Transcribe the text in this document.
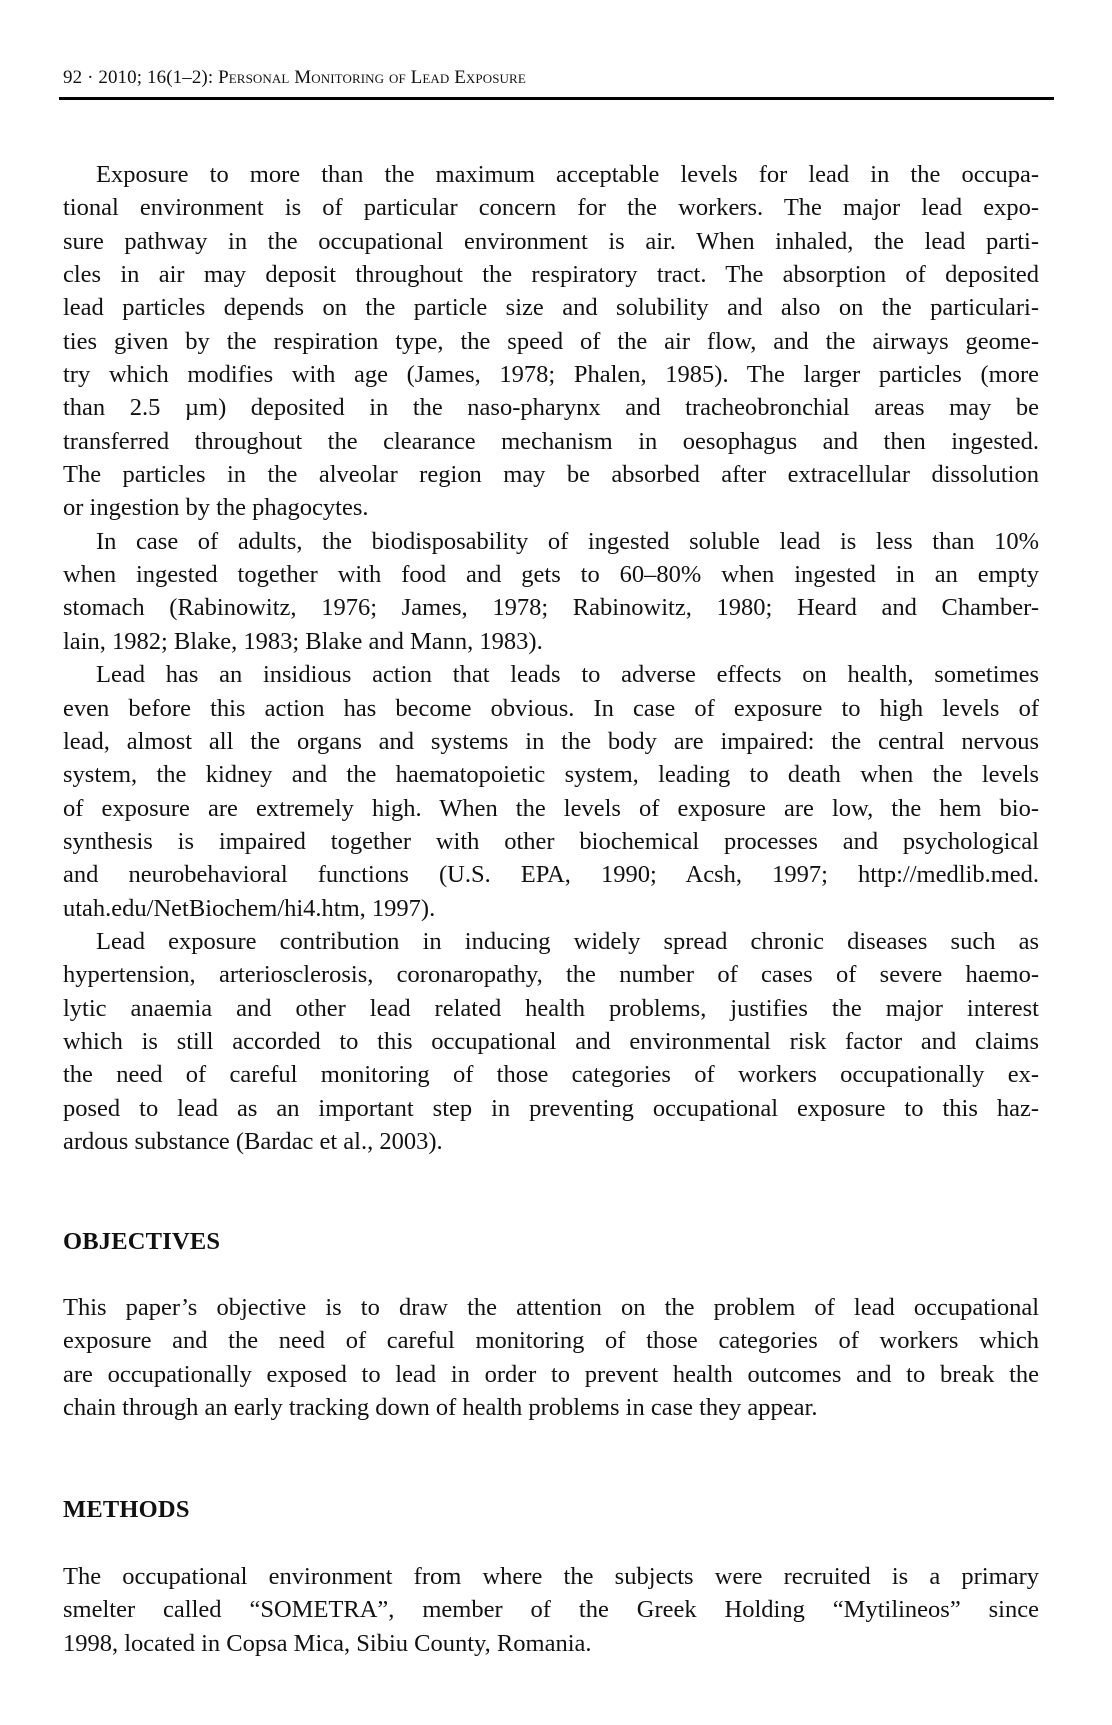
92 · 2010; 16(1–2): Personal Monitoring of Lead Exposure
Exposure to more than the maximum acceptable levels for lead in the occupa-
tional environment is of particular concern for the workers. The major lead expo-
sure pathway in the occupational environment is air. When inhaled, the lead parti-
cles in air may deposit throughout the respiratory tract. The absorption of deposited
lead particles depends on the particle size and solubility and also on the particulari-
ties given by the respiration type, the speed of the air flow, and the airways geome-
try which modifies with age (James, 1978; Phalen, 1985). The larger particles (more
than 2.5 µm) deposited in the naso-pharynx and tracheobronchial areas may be
transferred throughout the clearance mechanism in oesophagus and then ingested.
The particles in the alveolar region may be absorbed after extracellular dissolution
or ingestion by the phagocytes.
In case of adults, the biodisposability of ingested soluble lead is less than 10%
when ingested together with food and gets to 60–80% when ingested in an empty
stomach (Rabinowitz, 1976; James, 1978; Rabinowitz, 1980; Heard and Chamber-
lain, 1982; Blake, 1983; Blake and Mann, 1983).
Lead has an insidious action that leads to adverse effects on health, sometimes
even before this action has become obvious. In case of exposure to high levels of
lead, almost all the organs and systems in the body are impaired: the central nervous
system, the kidney and the haematopoietic system, leading to death when the levels
of exposure are extremely high. When the levels of exposure are low, the hem bio-
synthesis is impaired together with other biochemical processes and psychological
and neurobehavioral functions (U.S. EPA, 1990; Acsh, 1997; http://medlib.med.
utah.edu/NetBiochem/hi4.htm, 1997).
Lead exposure contribution in inducing widely spread chronic diseases such as
hypertension, arteriosclerosis, coronaropathy, the number of cases of severe haemo-
lytic anaemia and other lead related health problems, justifies the major interest
which is still accorded to this occupational and environmental risk factor and claims
the need of careful monitoring of those categories of workers occupationally ex-
posed to lead as an important step in preventing occupational exposure to this haz-
ardous substance (Bardac et al., 2003).
OBJECTIVES
This paper’s objective is to draw the attention on the problem of lead occupational
exposure and the need of careful monitoring of those categories of workers which
are occupationally exposed to lead in order to prevent health outcomes and to break the
chain through an early tracking down of health problems in case they appear.
METHODS
The occupational environment from where the subjects were recruited is a primary
smelter called “SOMETRA”, member of the Greek Holding “Mytilineos” since
1998, located in Copsa Mica, Sibiu County, Romania.
